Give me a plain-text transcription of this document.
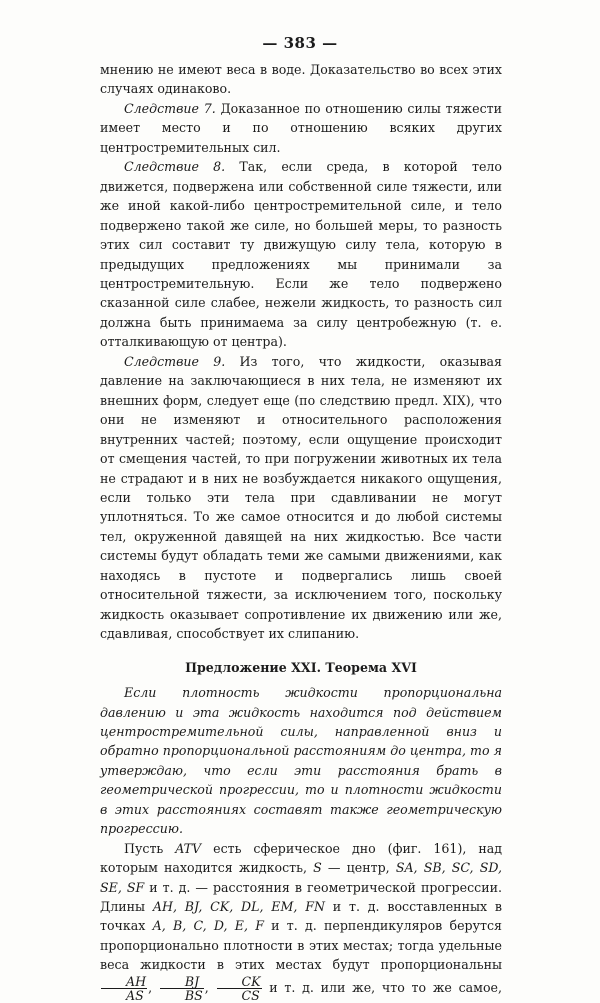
— 383 —

мнению не имеют веса в воде. Доказательство во всех этих случаях одинаково.

Следствие 7. Доказанное по отношению силы тяжести имеет место и по отношению всяких других центростремительных сил.

Следствие 8. Так, если среда, в которой тело движется, подвержена или собственной силе тяжести, или же иной какой-либо центростремительной силе, и тело подвержено такой же силе, но большей меры, то разность этих сил составит ту движущую силу тела, которую в предыдущих предложениях мы принимали за центростремительную. Если же тело подвержено сказанной силе слабее, нежели жидкость, то разность сил должна быть принимаема за силу центробежную (т. е. отталкивающую от центра).

Следствие 9. Из того, что жидкости, оказывая давление на заключающиеся в них тела, не изменяют их внешних форм, следует еще (по следствию предл. XIX), что они не изменяют и относительного расположения внутренних частей; поэтому, если ощущение происходит от смещения частей, то при погружении животных их тела не страдают и в них не возбуждается никакого ощущения, если только эти тела при сдавливании не могут уплотняться. То же самое относится и до любой системы тел, окруженной давящей на них жидкостью. Все части системы будут обладать теми же самыми движениями, как находясь в пустоте и подвергались лишь своей относительной тяжести, за исключением того, поскольку жидкость оказывает сопротивление их движению или же, сдавливая, способствует их слипанию.

Предложение XXI. Теорема XVI

Если плотность жидкости пропорциональна давлению и эта жидкость находится под действием центростремительной силы, направленной вниз и обратно пропорциональной расстояниям до центра, то я утверждаю, что если эти расстояния брать в геометрической прогрессии, то и плотности жидкости в этих расстояниях составят также геометрическую прогрессию.

Пусть ATV есть сферическое дно (фиг. 161), над которым находится жидкость, S — центр, SA, SB, SC, SD, SE, SF и т. д. — расстояния в геометрической прогрессии. Длины AH, BJ, CK, DL, EM, FN и т. д. восставленных в точках A, B, C, D, E, F и т. д. перпендикуляров берутся пропорционально плотности в этих местах; тогда удельные веса жидкости в этих местах будут пропорциональны
$\frac{AH}{AS}$ , $\frac{BJ}{BS}$ , $\frac{CK}{CS}$ и т. д. или же, что то же самое,
